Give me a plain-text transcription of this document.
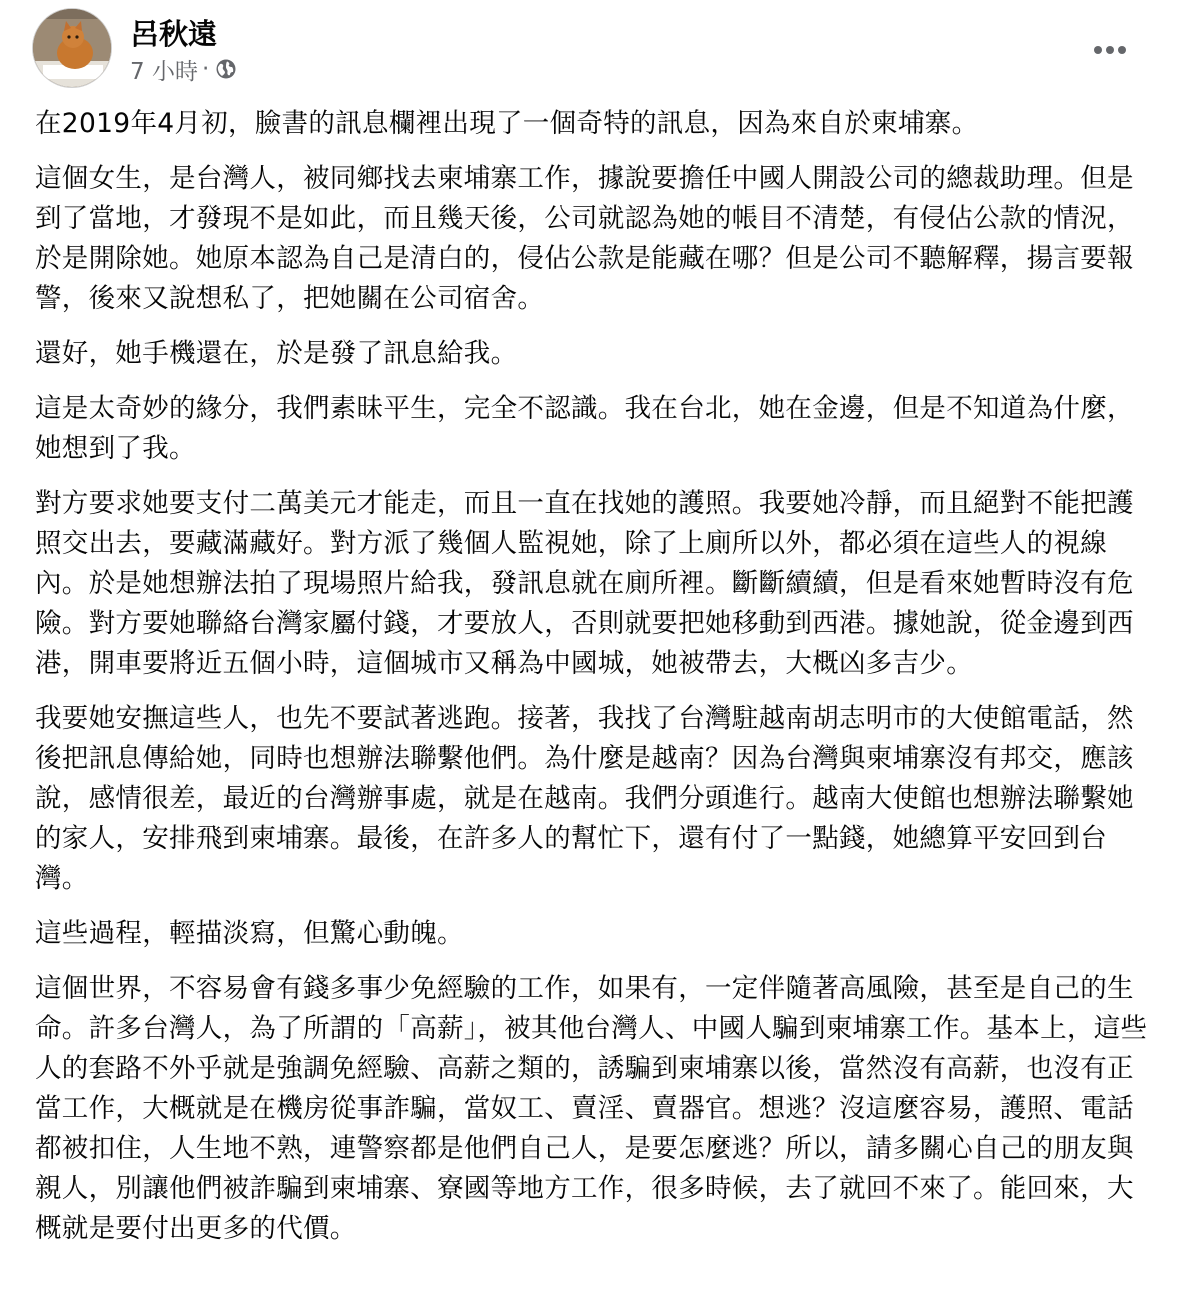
呂秋遠
7 小時 ·

在2019年4月初，臉書的訊息欄裡出現了一個奇特的訊息，因為來自於柬埔寨。

這個女生，是台灣人，被同鄉找去柬埔寨工作，據說要擔任中國人開設公司的總裁助理。但是到了當地，才發現不是如此，而且幾天後，公司就認為她的帳目不清楚，有侵佔公款的情況，於是開除她。她原本認為自己是清白的，侵佔公款是能藏在哪？但是公司不聽解釋，揚言要報警，後來又說想私了，把她關在公司宿舍。

還好，她手機還在，於是發了訊息給我。

這是太奇妙的緣分，我們素昧平生，完全不認識。我在台北，她在金邊，但是不知道為什麼，她想到了我。

對方要求她要支付二萬美元才能走，而且一直在找她的護照。我要她冷靜，而且絕對不能把護照交出去，要藏滿藏好。對方派了幾個人監視她，除了上廁所以外，都必須在這些人的視線內。於是她想辦法拍了現場照片給我，發訊息就在廁所裡。斷斷續續，但是看來她暫時沒有危險。對方要她聯絡台灣家屬付錢，才要放人，否則就要把她移動到西港。據她說，從金邊到西港，開車要將近五個小時，這個城市又稱為中國城，她被帶去，大概凶多吉少。

我要她安撫這些人，也先不要試著逃跑。接著，我找了台灣駐越南胡志明市的大使館電話，然後把訊息傳給她，同時也想辦法聯繫他們。為什麼是越南？因為台灣與柬埔寨沒有邦交，應該說，感情很差，最近的台灣辦事處，就是在越南。我們分頭進行。越南大使館也想辦法聯繫她的家人，安排飛到柬埔寨。最後，在許多人的幫忙下，還有付了一點錢，她總算平安回到台灣。

這些過程，輕描淡寫，但驚心動魄。

這個世界，不容易會有錢多事少免經驗的工作，如果有，一定伴隨著高風險，甚至是自己的生命。許多台灣人，為了所謂的「高薪」，被其他台灣人、中國人騙到柬埔寨工作。基本上，這些人的套路不外乎就是強調免經驗、高薪之類的，誘騙到柬埔寨以後，當然沒有高薪，也沒有正當工作，大概就是在機房從事詐騙，當奴工、賣淫、賣器官。想逃？沒這麼容易，護照、電話都被扣住，人生地不熟，連警察都是他們自己人，是要怎麼逃？所以，請多關心自己的朋友與親人，別讓他們被詐騙到柬埔寨、寮國等地方工作，很多時候，去了就回不來了。能回來，大概就是要付出更多的代價。
